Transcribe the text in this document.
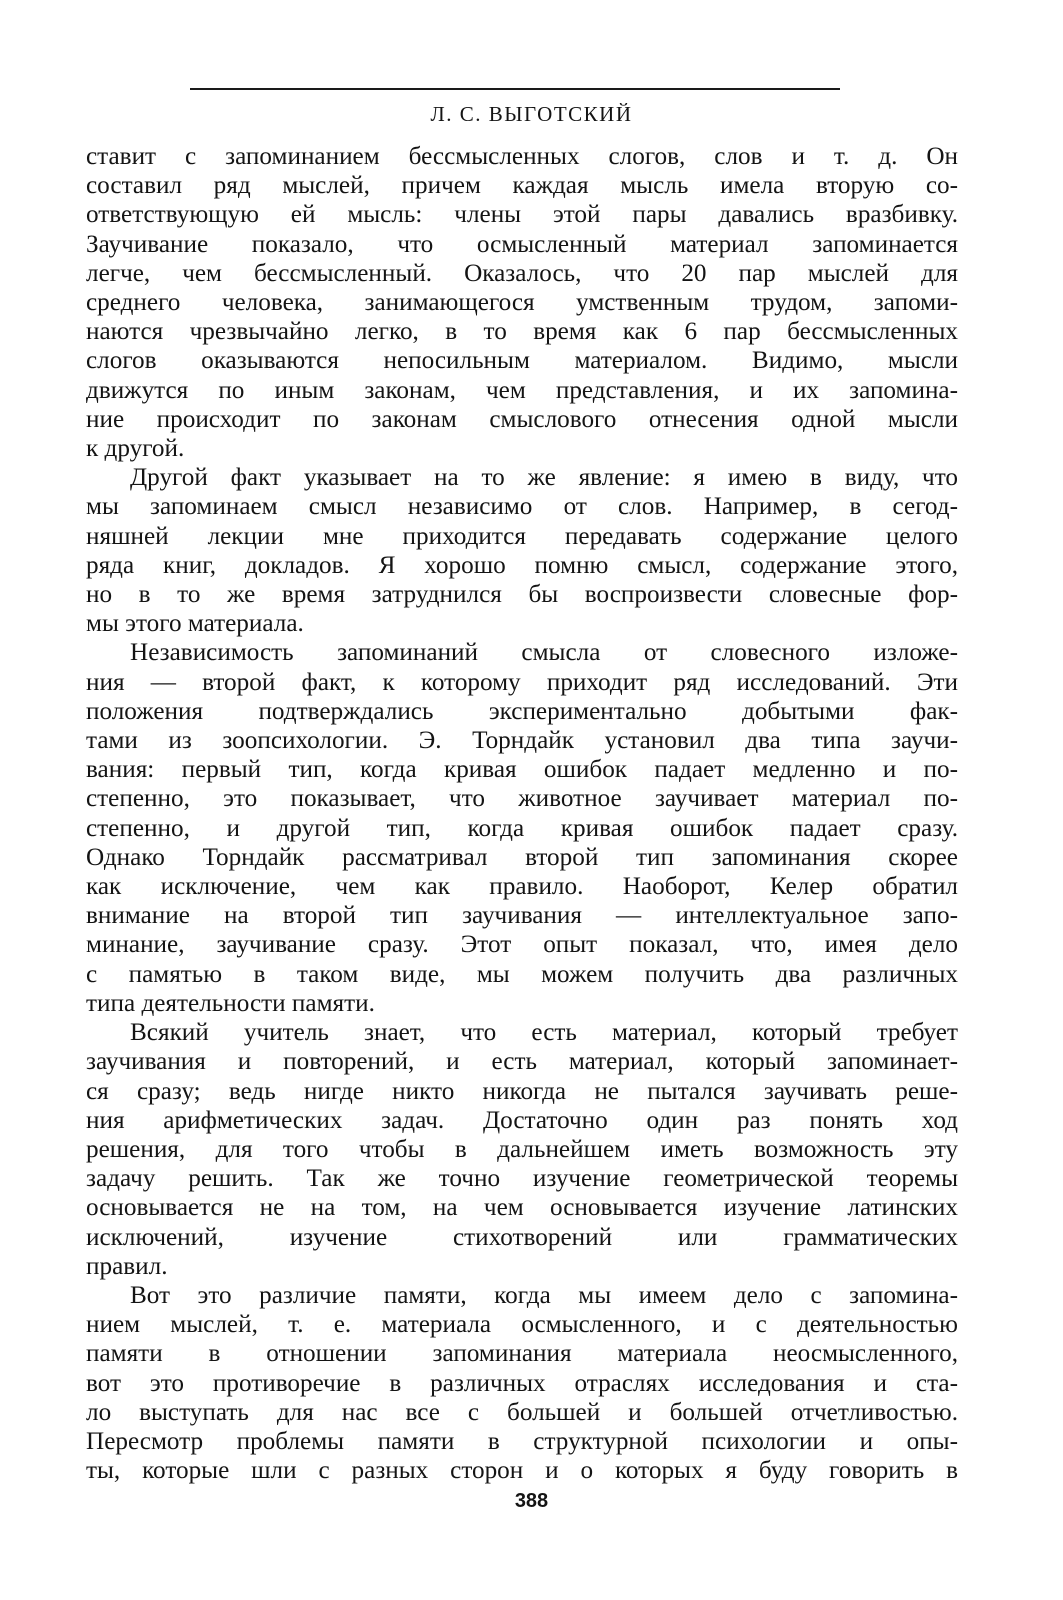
Л. С. ВЫГОТСКИЙ
ставит с запоминанием бессмысленных слогов, слов и т. д. Он
составил ряд мыслей, причем каждая мысль имела вторую со-
ответствующую ей мысль: члены этой пары давались вразбивку.
Заучивание показало, что осмысленный материал запоминается
легче, чем бессмысленный. Оказалось, что 20 пар мыслей для
среднего человека, занимающегося умственным трудом, запоми-
наются чрезвычайно легко, в то время как 6 пар бессмысленных
слогов оказываются непосильным материалом. Видимо, мысли
движутся по иным законам, чем представления, и их запомина-
ние происходит по законам смыслового отнесения одной мысли
к другой.
Другой факт указывает на то же явление: я имею в виду, что
мы запоминаем смысл независимо от слов. Например, в сегод-
няшней лекции мне приходится передавать содержание целого
ряда книг, докладов. Я хорошо помню смысл, содержание этого,
но в то же время затруднился бы воспроизвести словесные фор-
мы этого материала.
Независимость запоминаний смысла от словесного изложе-
ния — второй факт, к которому приходит ряд исследований. Эти
положения подтверждались экспериментально добытыми фак-
тами из зоопсихологии. Э. Торндайк установил два типа заучи-
вания: первый тип, когда кривая ошибок падает медленно и по-
степенно, это показывает, что животное заучивает материал по-
степенно, и другой тип, когда кривая ошибок падает сразу.
Однако Торндайк рассматривал второй тип запоминания скорее
как исключение, чем как правило. Наоборот, Келер обратил
внимание на второй тип заучивания — интеллектуальное запо-
минание, заучивание сразу. Этот опыт показал, что, имея дело
с памятью в таком виде, мы можем получить два различных
типа деятельности памяти.
Всякий учитель знает, что есть материал, который требует
заучивания и повторений, и есть материал, который запоминает-
ся сразу; ведь нигде никто никогда не пытался заучивать реше-
ния арифметических задач. Достаточно один раз понять ход
решения, для того чтобы в дальнейшем иметь возможность эту
задачу решить. Так же точно изучение геометрической теоремы
основывается не на том, на чем основывается изучение латинских
исключений, изучение стихотворений или грамматических
правил.
Вот это различие памяти, когда мы имеем дело с запомина-
нием мыслей, т. е. материала осмысленного, и с деятельностью
памяти в отношении запоминания материала неосмысленного,
вот это противоречие в различных отраслях исследования и ста-
ло выступать для нас все с большей и большей отчетливостью.
Пересмотр проблемы памяти в структурной психологии и опы-
ты, которые шли с разных сторон и о которых я буду говорить в
388
